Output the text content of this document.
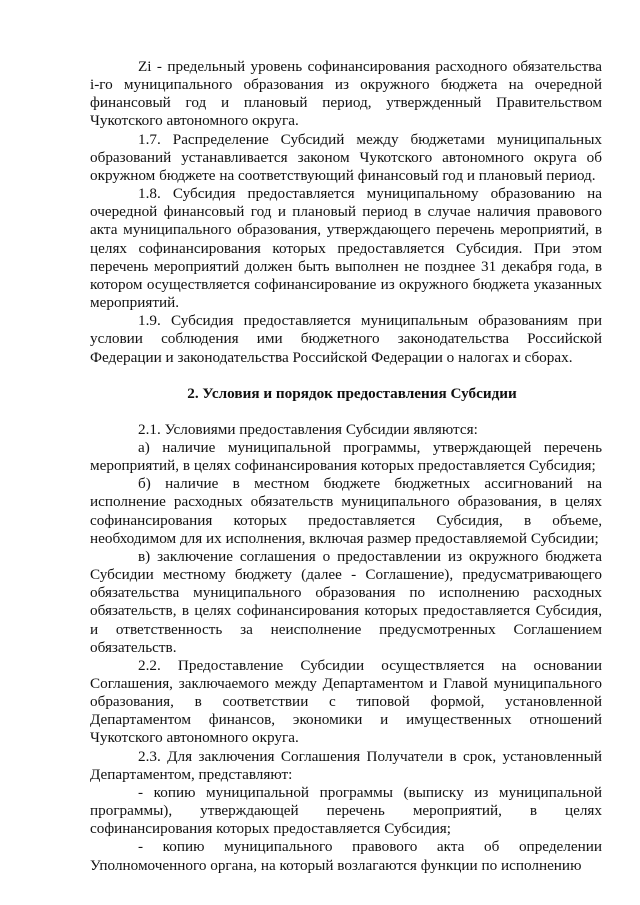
Zi - предельный уровень софинансирования расходного обязательства i-го муниципального образования из окружного бюджета на очередной финансовый год и плановый период, утвержденный Правительством Чукотского автономного округа.

1.7. Распределение Субсидий между бюджетами муниципальных образований устанавливается законом Чукотского автономного округа об окружном бюджете на соответствующий финансовый год и плановый период.

1.8. Субсидия предоставляется муниципальному образованию на очередной финансовый год и плановый период в случае наличия правового акта муниципального образования, утверждающего перечень мероприятий, в целях софинансирования которых предоставляется Субсидия. При этом перечень мероприятий должен быть выполнен не позднее 31 декабря года, в котором осуществляется софинансирование из окружного бюджета указанных мероприятий.

1.9. Субсидия предоставляется муниципальным образованиям при условии соблюдения ими бюджетного законодательства Российской Федерации и законодательства Российской Федерации о налогах и сборах.

2. Условия и порядок предоставления Субсидии

2.1. Условиями предоставления Субсидии являются:

а) наличие муниципальной программы, утверждающей перечень мероприятий, в целях софинансирования которых предоставляется Субсидия;

б) наличие в местном бюджете бюджетных ассигнований на исполнение расходных обязательств муниципального образования, в целях софинансирования которых предоставляется Субсидия, в объеме, необходимом для их исполнения, включая размер предоставляемой Субсидии;

в) заключение соглашения о предоставлении из окружного бюджета Субсидии местному бюджету (далее - Соглашение), предусматривающего обязательства муниципального образования по исполнению расходных обязательств, в целях софинансирования которых предоставляется Субсидия, и ответственность за неисполнение предусмотренных Соглашением обязательств.

2.2. Предоставление Субсидии осуществляется на основании Соглашения, заключаемого между Департаментом и Главой муниципального образования, в соответствии с типовой формой, установленной Департаментом финансов, экономики и имущественных отношений Чукотского автономного округа.

2.3. Для заключения Соглашения Получатели в срок, установленный Департаментом, представляют:

- копию муниципальной программы (выписку из муниципальной программы), утверждающей перечень мероприятий, в целях софинансирования которых предоставляется Субсидия;

- копию муниципального правового акта об определении Уполномоченного органа, на который возлагаются функции по исполнению
